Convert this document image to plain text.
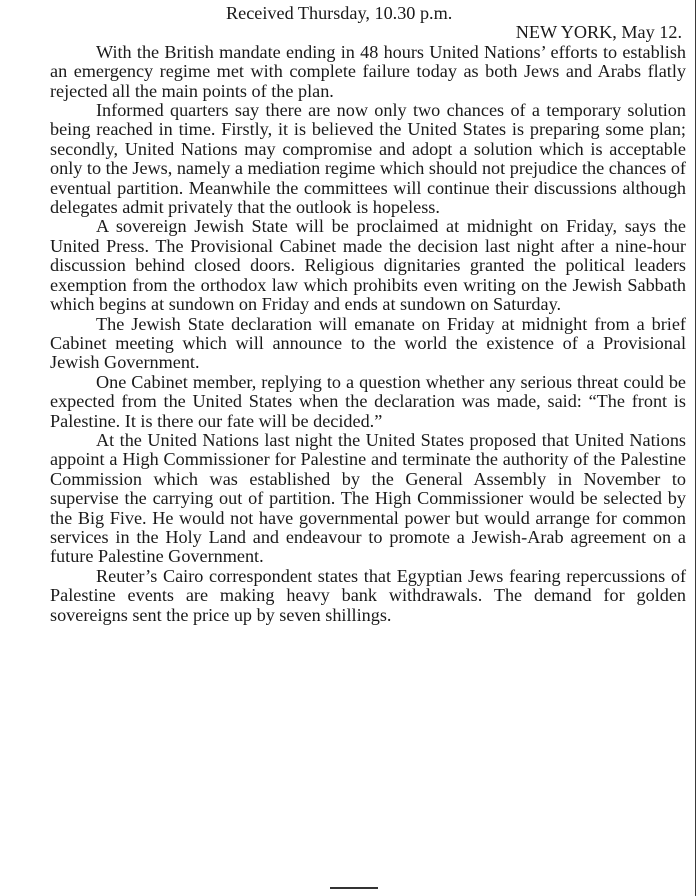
Received Thursday, 10.30 p.m.

NEW YORK, May 12.

With the British mandate ending in 48 hours United Nations’ efforts to establish an emergency regime met with complete failure today as both Jews and Arabs flatly rejected all the main points of the plan.

Informed quarters say there are now only two chances of a temporary solution being reached in time. Firstly, it is believed the United States is preparing some plan; secondly, United Nations may compromise and adopt a solution which is acceptable only to the Jews, namely a mediation regime which should not prejudice the chances of eventual partition. Meanwhile the committees will continue their discussions although delegates admit privately that the outlook is hopeless.

A sovereign Jewish State will be proclaimed at midnight on Friday, says the United Press. The Provisional Cabinet made the decision last night after a nine-hour discussion behind closed doors. Religious dignitaries granted the political leaders exemption from the orthodox law which prohibits even writing on the Jewish Sabbath which begins at sundown on Friday and ends at sundown on Saturday.

The Jewish State declaration will emanate on Friday at midnight from a brief Cabinet meeting which will announce to the world the existence of a Provisional Jewish Government.

One Cabinet member, replying to a question whether any serious threat could be expected from the United States when the declaration was made, said: “The front is Palestine. It is there our fate will be decided.”

At the United Nations last night the United States proposed that United Nations appoint a High Commissioner for Palestine and terminate the authority of the Palestine Commission which was established by the General Assembly in November to supervise the carrying out of partition. The High Commissioner would be selected by the Big Five. He would not have governmental power but would arrange for common services in the Holy Land and endeavour to promote a Jewish-Arab agreement on a future Palestine Government.

Reuter’s Cairo correspondent states that Egyptian Jews fearing repercussions of Palestine events are making heavy bank withdrawals. The demand for golden sovereigns sent the price up by seven shillings.
